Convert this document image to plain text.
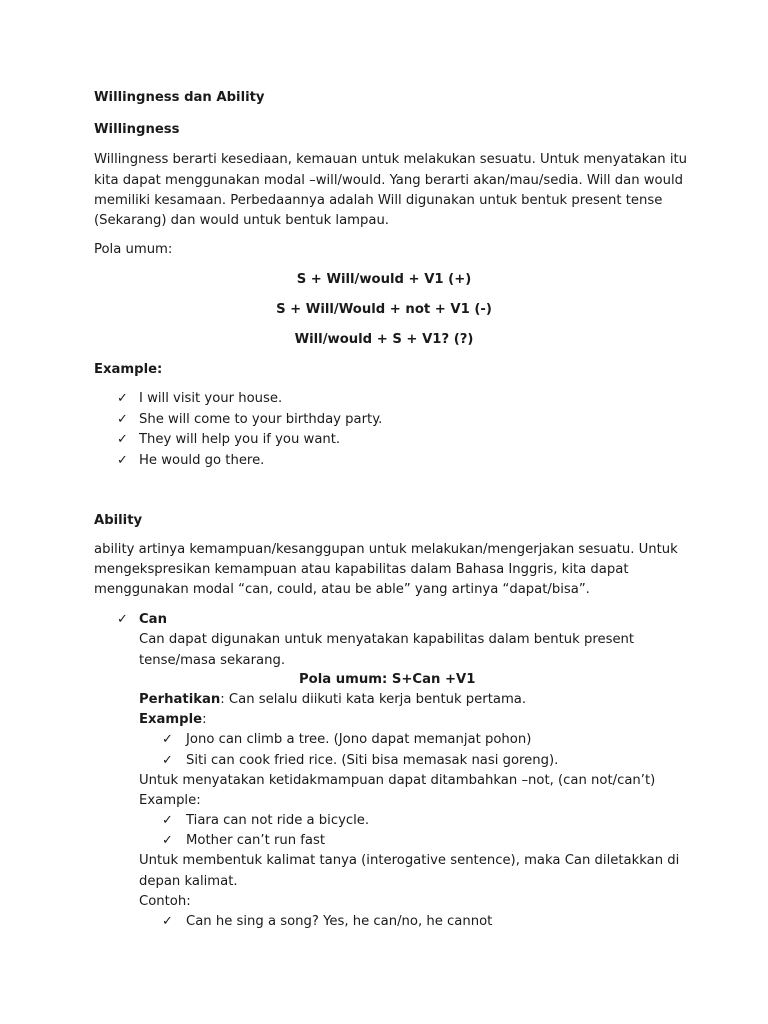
Willingness dan Ability
Willingness
Willingness berarti kesediaan, kemauan untuk melakukan sesuatu. Untuk menyatakan itu
kita dapat menggunakan modal –will/would. Yang berarti akan/mau/sedia. Will dan would
memiliki kesamaan. Perbedaannya adalah Will digunakan untuk bentuk present tense
(Sekarang) dan would untuk bentuk lampau.
Pola umum:
S + Will/would + V1 (+)
S + Will/Would + not + V1 (-)
Will/would + S + V1? (?)
Example:
✓ I will visit your house.
✓ She will come to your birthday party.
✓ They will help you if you want.
✓ He would go there.
Ability
ability artinya kemampuan/kesanggupan untuk melakukan/mengerjakan sesuatu. Untuk
mengekspresikan kemampuan atau kapabilitas dalam Bahasa Inggris, kita dapat
menggunakan modal “can, could, atau be able” yang artinya “dapat/bisa”.
✓ Can
Can dapat digunakan untuk menyatakan kapabilitas dalam bentuk present
tense/masa sekarang.
Pola umum: S+Can +V1
Perhatikan: Can selalu diikuti kata kerja bentuk pertama.
Example:
✓ Jono can climb a tree. (Jono dapat memanjat pohon)
✓ Siti can cook fried rice. (Siti bisa memasak nasi goreng).
Untuk menyatakan ketidakmampuan dapat ditambahkan –not, (can not/can’t)
Example:
✓ Tiara can not ride a bicycle.
✓ Mother can’t run fast
Untuk membentuk kalimat tanya (interogative sentence), maka Can diletakkan di
depan kalimat.
Contoh:
✓ Can he sing a song? Yes, he can/no, he cannot
